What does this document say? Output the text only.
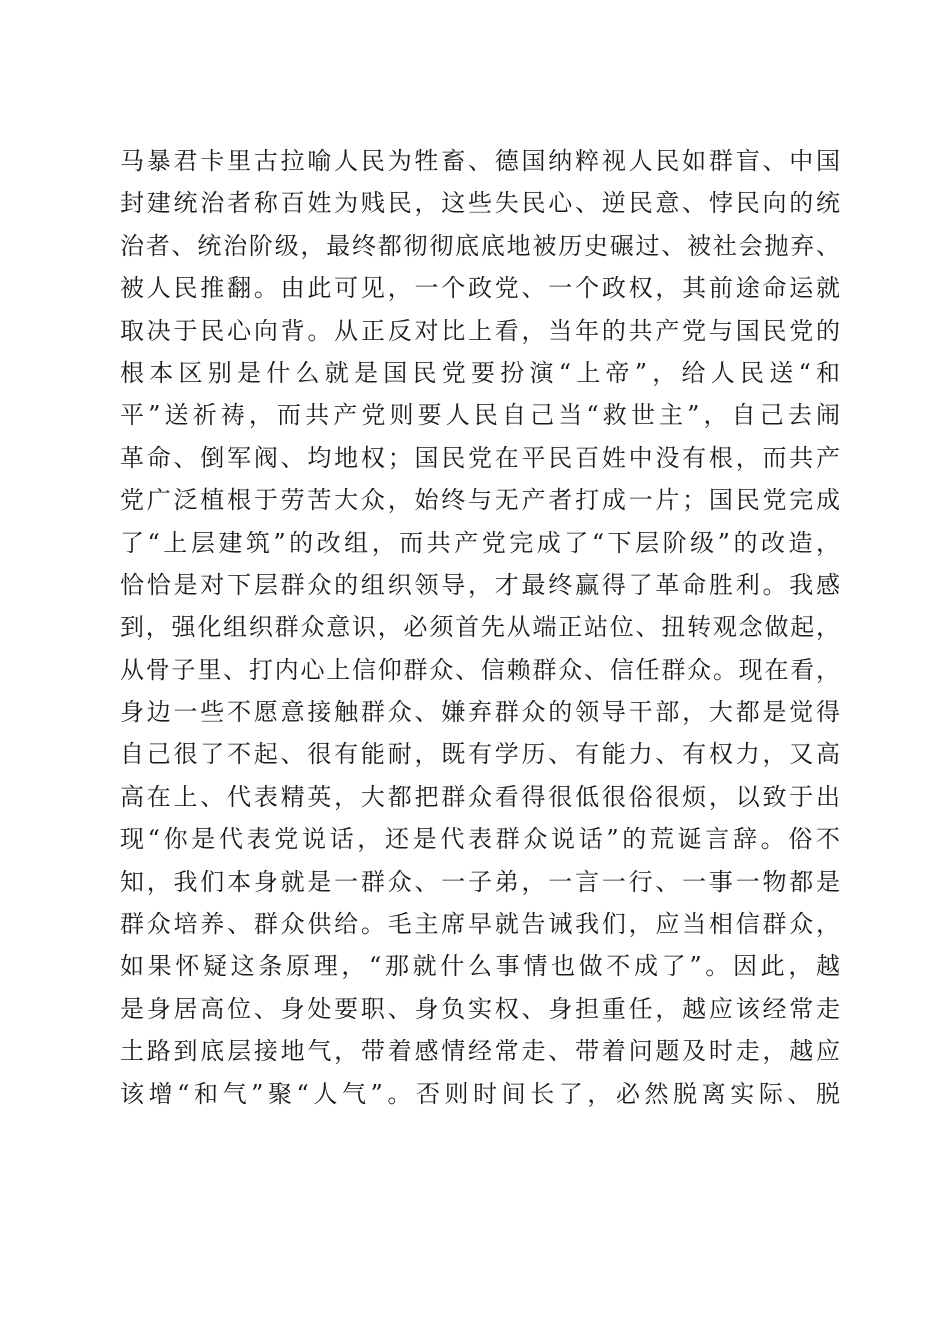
马暴君卡里古拉喻人民为牲畜、德国纳粹视人民如群盲、中国
封建统治者称百姓为贱民，这些失民心、逆民意、悖民向的统
治者、统治阶级，最终都彻彻底底地被历史碾过、被社会抛弃、
被人民推翻。由此可见，一个政党、一个政权，其前途命运就
取决于民心向背。从正反对比上看，当年的共产党与国民党的
根本区别是什么就是国民党要扮演“上帝”，给人民送“和
平”送祈祷，而共产党则要人民自己当“救世主”，自己去闹
革命、倒军阀、均地权；国民党在平民百姓中没有根，而共产
党广泛植根于劳苦大众，始终与无产者打成一片；国民党完成
了“上层建筑”的改组，而共产党完成了“下层阶级”的改造，
恰恰是对下层群众的组织领导，才最终赢得了革命胜利。我感
到，强化组织群众意识，必须首先从端正站位、扭转观念做起，
从骨子里、打内心上信仰群众、信赖群众、信任群众。现在看，
身边一些不愿意接触群众、嫌弃群众的领导干部，大都是觉得
自己很了不起、很有能耐，既有学历、有能力、有权力，又高
高在上、代表精英，大都把群众看得很低很俗很烦，以致于出
现“你是代表党说话，还是代表群众说话”的荒诞言辞。俗不
知，我们本身就是一群众、一子弟，一言一行、一事一物都是
群众培养、群众供给。毛主席早就告诫我们，应当相信群众，
如果怀疑这条原理，“那就什么事情也做不成了”。因此，越
是身居高位、身处要职、身负实权、身担重任，越应该经常走
土路到底层接地气，带着感情经常走、带着问题及时走，越应
该增“和气”聚“人气”。否则时间长了，必然脱离实际、脱
